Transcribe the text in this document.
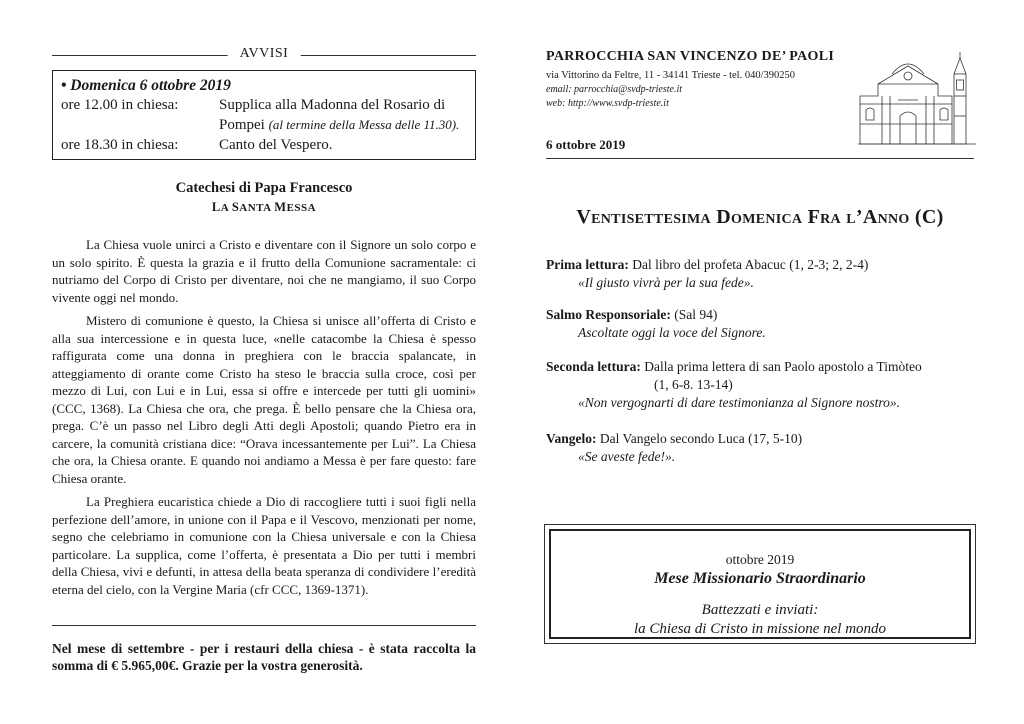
AVVISI
• Domenica 6 ottobre 2019
ore 12.00 in chiesa:	Supplica alla Madonna del Rosario di
Pompei (al termine della Messa delle 11.30).
ore 18.30 in chiesa:	Canto del Vespero.
Catechesi di Papa Francesco
LA SANTA MESSA

La Chiesa vuole unirci a Cristo e diventare con il Signore un solo corpo e un solo spirito. È questa la grazia e il frutto della Comunione sacramentale: ci nutriamo del Corpo di Cristo per diventare, noi che ne mangiamo, il suo Corpo vivente oggi nel mondo.

Mistero di comunione è questo, la Chiesa si unisce all’offerta di Cristo e alla sua intercessione e in questa luce, «nelle catacombe la Chiesa è spesso raffigurata come una donna in preghiera con le braccia spalancate, in atteggiamento di orante come Cristo ha steso le braccia sulla croce, così per mezzo di Lui, con Lui e in Lui, essa si offre e intercede per tutti gli uomini» (CCC, 1368). La Chiesa che ora, che prega. È bello pensare che la Chiesa ora, prega. C’è un passo nel Libro degli Atti degli Apostoli; quando Pietro era in carcere, la comunità cristiana dice: “Orava incessantemente per Lui”. La Chiesa che ora, la Chiesa orante. E quando noi andiamo a Messa è per fare questo: fare Chiesa orante.

La Preghiera eucaristica chiede a Dio di raccogliere tutti i suoi figli nella perfezione dell’amore, in unione con il Papa e il Vescovo, menzionati per nome, segno che celebriamo in comunione con la Chiesa universale e con la Chiesa particolare. La supplica, come l’offerta, è presentata a Dio per tutti i membri della Chiesa, vivi e defunti, in attesa della beata speranza di condividere l’eredità eterna del cielo, con la Vergine Maria (cfr CCC, 1369-1371).

Nel mese di settembre - per i restauri della chiesa - è stata raccolta la somma di € 5.965,00€. Grazie per la vostra generosità.
PARROCCHIA SAN VINCENZO DE’ PAOLI
via Vittorino da Feltre, 11 - 34141 Trieste - tel. 040/390250
email: parrocchia@svdp-trieste.it
web: http://www.svdp-trieste.it
6 ottobre 2019
Ventisettesima Domenica Fra l’Anno (C)
Prima lettura: Dal libro del profeta Abacuc (1, 2-3; 2, 2-4)
«Il giusto vivrà per la sua fede».
Salmo Responsoriale: (Sal 94)
Ascoltate oggi la voce del Signore.
Seconda lettura: Dalla prima lettera di san Paolo apostolo a Timòteo
(1, 6-8. 13-14)
«Non vergognarti di dare testimonianza al Signore nostro».
Vangelo: Dal Vangelo secondo Luca (17, 5-10)
«Se aveste fede!».
ottobre 2019
Mese Missionario Straordinario
Battezzati e inviati:
la Chiesa di Cristo in missione nel mondo
